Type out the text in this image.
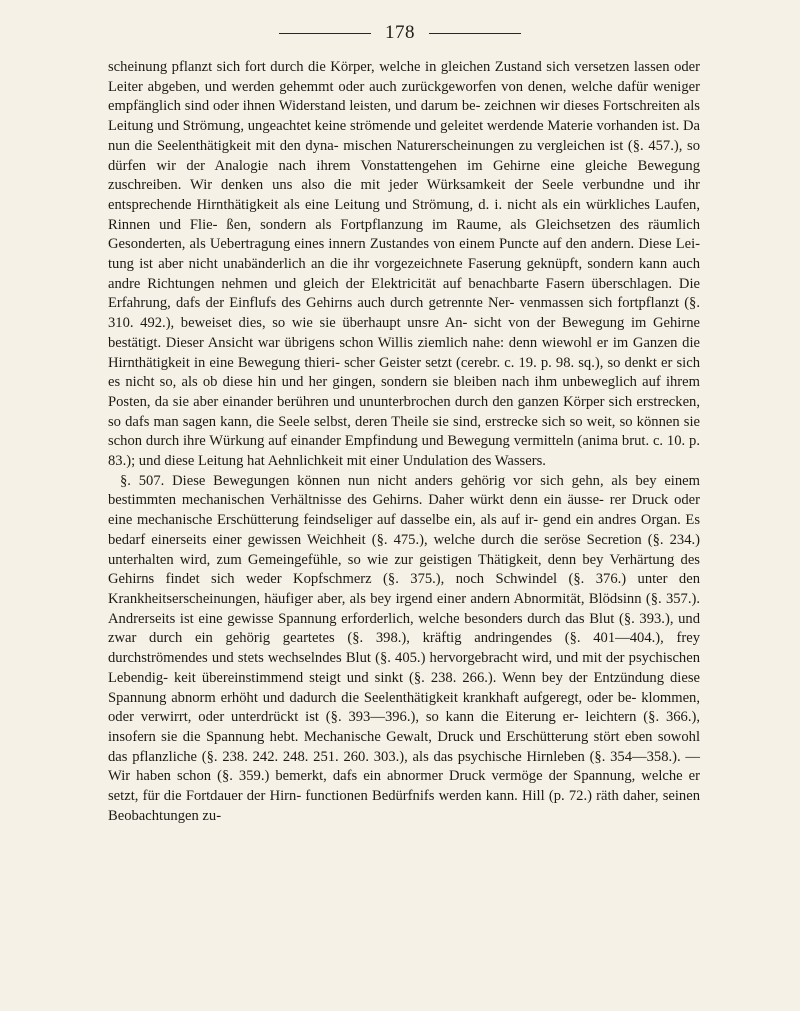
178

scheinung pflanzt sich fort durch die Körper, welche in gleichen Zustand sich versetzen lassen oder Leiter abgeben, und werden gehemmt oder auch zurückgeworfen von denen, welche dafür weniger empfänglich sind oder ihnen Widerstand leisten, und darum be- zeichnen wir dieses Fortschreiten als Leitung und Strömung, ungeachtet keine strömende und geleitet werdende Materie vorhanden ist. Da nun die Seelenthätigkeit mit den dyna- mischen Naturerscheinungen zu vergleichen ist (§. 457.), so dürfen wir der Analogie nach ihrem Vonstattengehen im Gehirne eine gleiche Bewegung zuschreiben. Wir denken uns also die mit jeder Würksamkeit der Seele verbundne und ihr entsprechende Hirnthätigkeit als eine Leitung und Strömung, d. i. nicht als ein würkliches Laufen, Rinnen und Flie- ßen, sondern als Fortpflanzung im Raume, als Gleichsetzen des räumlich Gesonderten, als Uebertragung eines innern Zustandes von einem Puncte auf den andern. Diese Lei- tung ist aber nicht unabänderlich an die ihr vorgezeichnete Faserung geknüpft, sondern kann auch andre Richtungen nehmen und gleich der Elektricität auf benachbarte Fasern überschlagen. Die Erfahrung, dafs der Einflufs des Gehirns auch durch getrennte Ner- venmassen sich fortpflanzt (§. 310. 492.), beweiset dies, so wie sie überhaupt unsre An- sicht von der Bewegung im Gehirne bestätigt. Dieser Ansicht war übrigens schon Willis ziemlich nahe: denn wiewohl er im Ganzen die Hirnthätigkeit in eine Bewegung thieri- scher Geister setzt (cerebr. c. 19. p. 98. sq.), so denkt er sich es nicht so, als ob diese hin und her gingen, sondern sie bleiben nach ihm unbeweglich auf ihrem Posten, da sie aber einander berühren und ununterbrochen durch den ganzen Körper sich erstrecken, so dafs man sagen kann, die Seele selbst, deren Theile sie sind, erstrecke sich so weit, so können sie schon durch ihre Würkung auf einander Empfindung und Bewegung vermitteln (anima brut. c. 10. p. 83.); und diese Leitung hat Aehnlichkeit mit einer Undulation des Wassers.

§. 507. Diese Bewegungen können nun nicht anders gehörig vor sich gehn, als bey einem bestimmten mechanischen Verhältnisse des Gehirns. Daher würkt denn ein äusse- rer Druck oder eine mechanische Erschütterung feindseliger auf dasselbe ein, als auf ir- gend ein andres Organ. Es bedarf einerseits einer gewissen Weichheit (§. 475.), welche durch die seröse Secretion (§. 234.) unterhalten wird, zum Gemeingefühle, so wie zur geistigen Thätigkeit, denn bey Verhärtung des Gehirns findet sich weder Kopfschmerz (§. 375.), noch Schwindel (§. 376.) unter den Krankheitserscheinungen, häufiger aber, als bey irgend einer andern Abnormität, Blödsinn (§. 357.). Andrerseits ist eine gewisse Spannung erforderlich, welche besonders durch das Blut (§. 393.), und zwar durch ein gehörig geartetes (§. 398.), kräftig andringendes (§. 401—404.), frey durchströmendes und stets wechselndes Blut (§. 405.) hervorgebracht wird, und mit der psychischen Lebendig- keit übereinstimmend steigt und sinkt (§. 238. 266.). Wenn bey der Entzündung diese Spannung abnorm erhöht und dadurch die Seelenthätigkeit krankhaft aufgeregt, oder be- klommen, oder verwirrt, oder unterdrückt ist (§. 393—396.), so kann die Eiterung er- leichtern (§. 366.), insofern sie die Spannung hebt. Mechanische Gewalt, Druck und Erschütterung stört eben sowohl das pflanzliche (§. 238. 242. 248. 251. 260. 303.), als das psychische Hirnleben (§. 354—358.). — Wir haben schon (§. 359.) bemerkt, dafs ein abnormer Druck vermöge der Spannung, welche er setzt, für die Fortdauer der Hirn- functionen Bedürfnifs werden kann. Hill (p. 72.) räth daher, seinen Beobachtungen zu-
